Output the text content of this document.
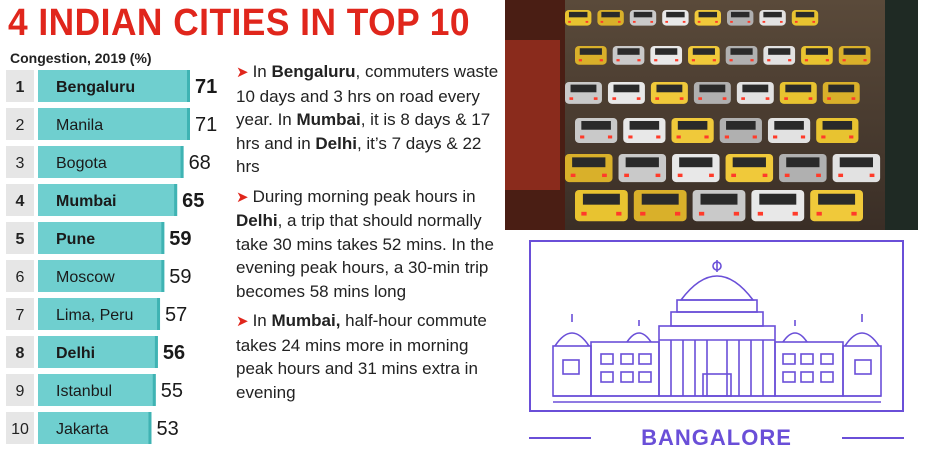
4 INDIAN CITIES IN TOP 10
Congestion, 2019 (%)
1 Bengaluru	71
2 Manila	71
3 Bogota	68
4 Mumbai	65
5 Pune	59
6 Moscow	59
7 Lima, Peru 57
8 Delhi	56
9 Istanbul 55
10 Jakarta 53

➤ In Bengaluru, commuters waste 10 days and 3 hrs on road every year. In Mumbai, it is 8 days & 17 hrs and in Delhi, it’s 7 days & 22 hrs

➤ During morning peak hours in Delhi, a trip that should normally take 30 mins takes 52 mins. In the evening peak hours, a 30-min trip becomes 58 mins long

➤ In Mumbai, half-hour commute takes 24 mins more in morning peak hours and 31 mins extra in evening

BANGALORE
